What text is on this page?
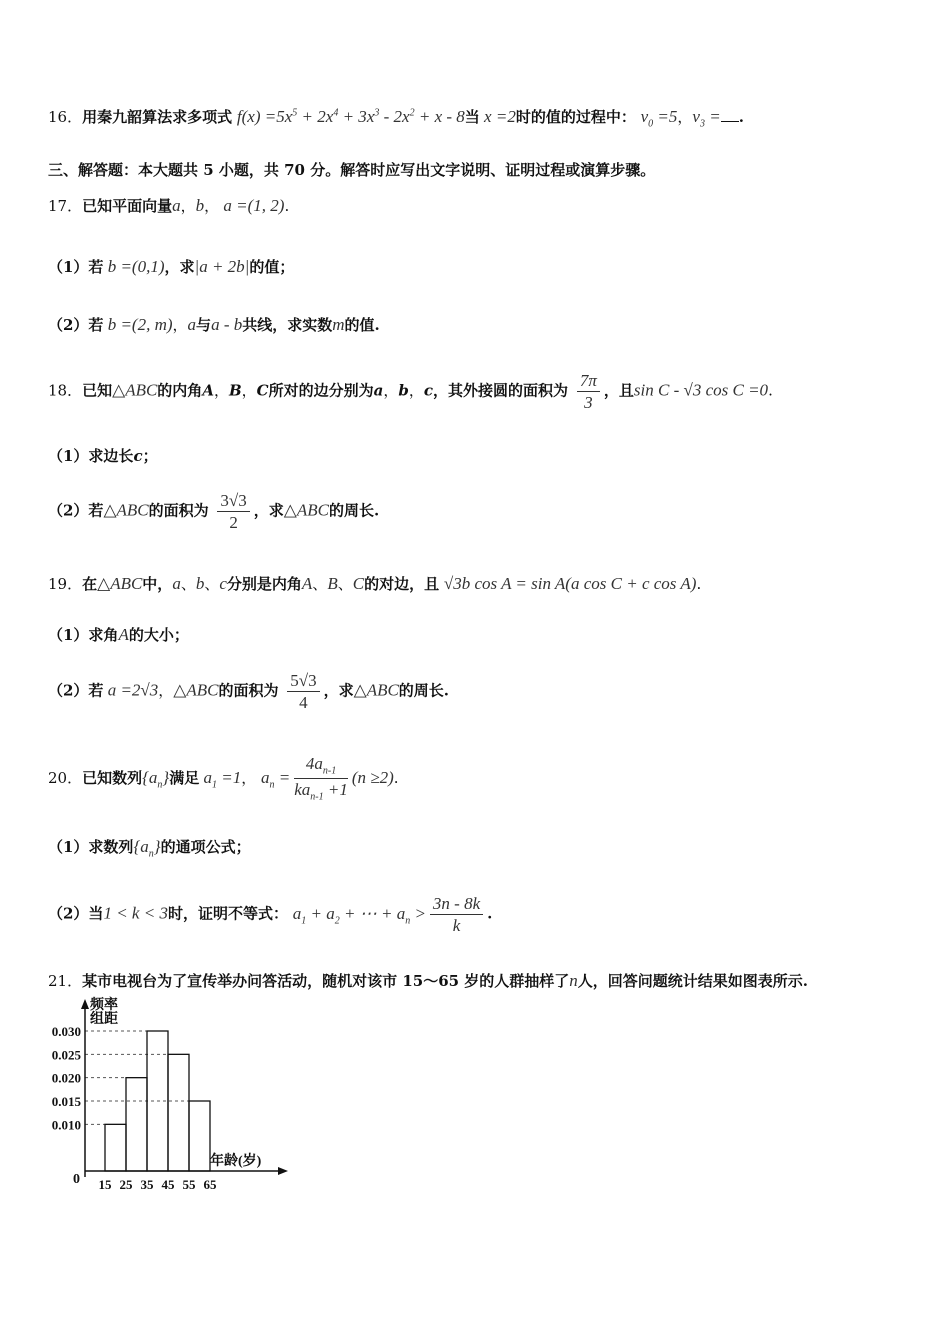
16．用秦九韶算法求多项式 $f(x) =5x^5 + 2x^4 + 3x^3 - 2x^2 + x - 8$当 x =2时的值的过程中： $v_0 =5$，$v_3$ = .
三、解答题：本大题共 5 小题，共 70 分。解答时应写出文字说明、证明过程或演算步骤。
17．已知平面向量a，b， a =(1, 2).
（1）若 b =(0,1)，求|a + 2b|的值；
（2）若 b =(2, m)，a与a - b共线，求实数m的值.
18．已知△ABC的内角A，B，C所对的边分别为a，b，c，其外接圆的面积为 $\frac{7\pi}{3}$ ，且sin C - √3 cos C =0.
（1）求边长c；
（2）若△ABC的面积为 $\frac{3√3}{2}$ ，求△ABC的周长.
19．在△ABC中，a、b、c分别是内角A、B、C的对边，且 √3b cos A = sin A(a cos C + c cos A).
（1）求角A的大小；
（2）若 a =2√3，△ABC的面积为 $\frac{5√3}{4}$ ，求△ABC的周长.
20．已知数列$\{a_n\}$满足 $a_1 =1$， $a_n = \frac{4a_{n-1}}{ka_{n-1} +1} (n \ge 2)$.
（1）求数列$\{a_n\}$的通项公式；
（2）当1 < k < 3时，证明不等式： $a_1 + a_2$ + ⋯ + $a_n > \frac{3n - 8k}{k}$ .
21．某市电视台为了宣传举办问答活动，随机对该市 15～65 岁的人群抽样了n人，回答问题统计结果如图表所示.
频率
组距
年龄(岁)
0
0.030
0.025
0.020
0.015
0.010
15 25 35 45 55 65
